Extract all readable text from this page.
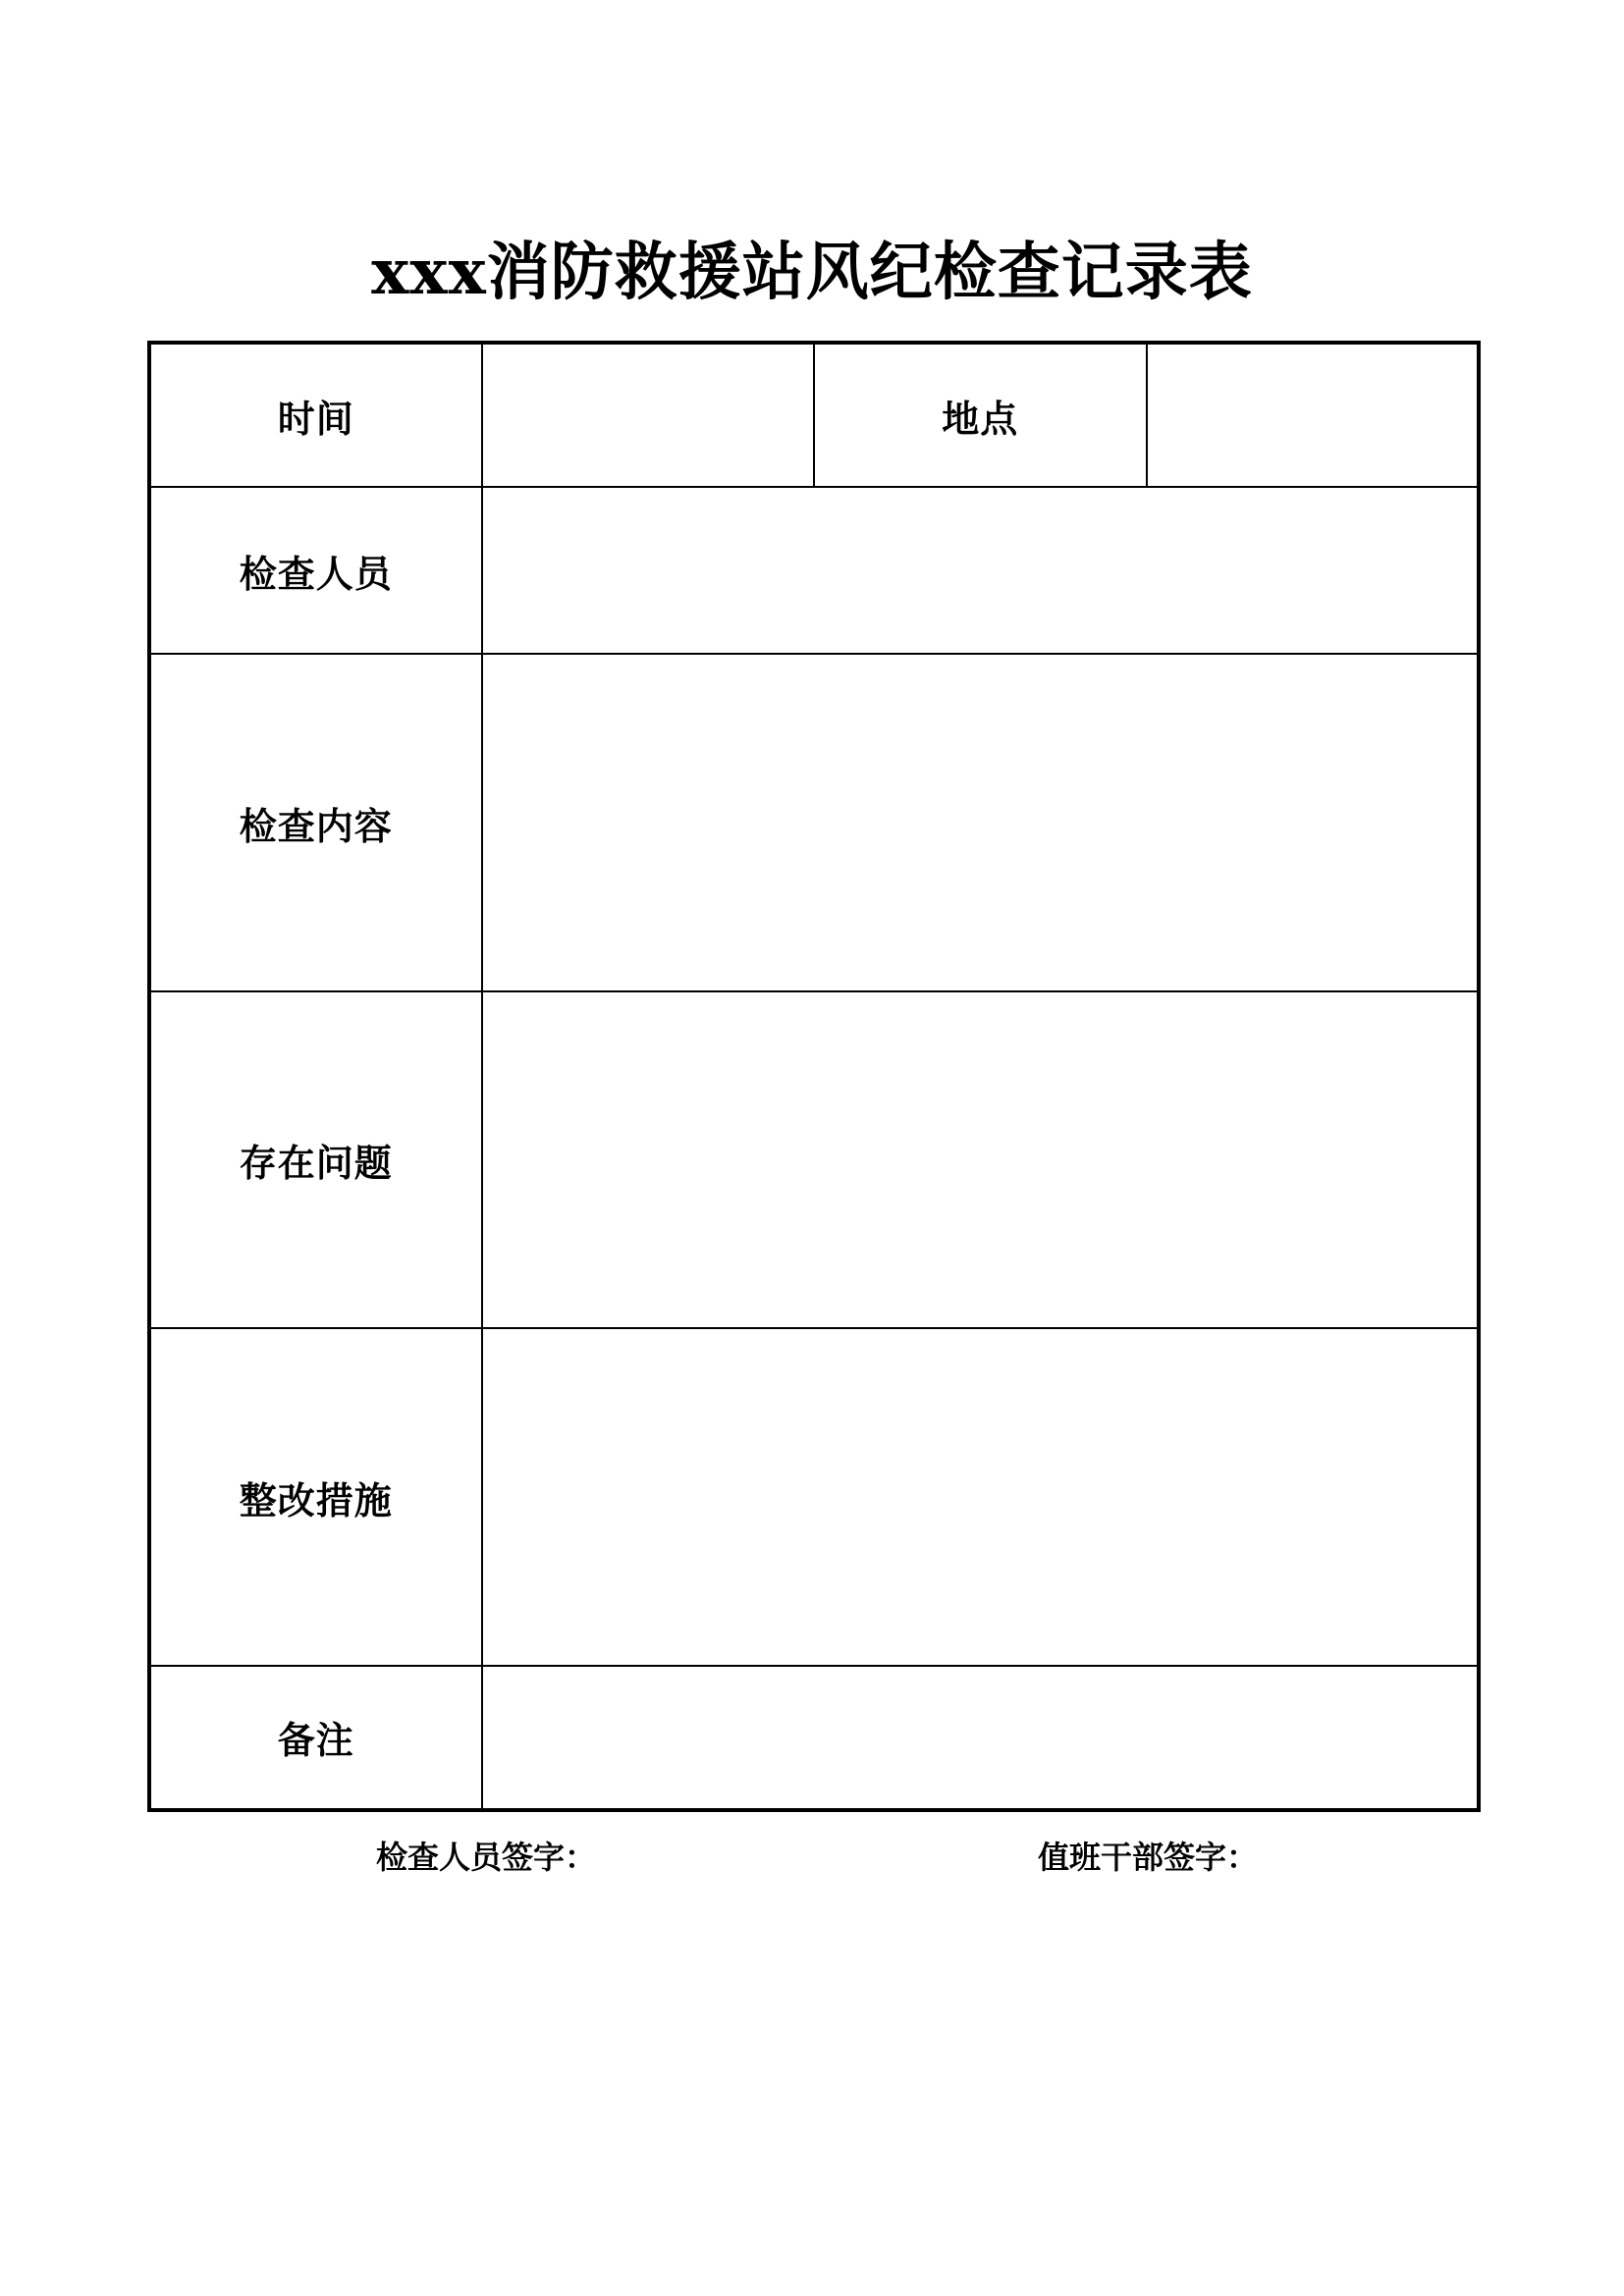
xxx消防救援站风纪检查记录表
时间		地点	
检查人员			
检查内容			
存在问题			
整改措施			
备注			
检查人员签字：	值班干部签字：
